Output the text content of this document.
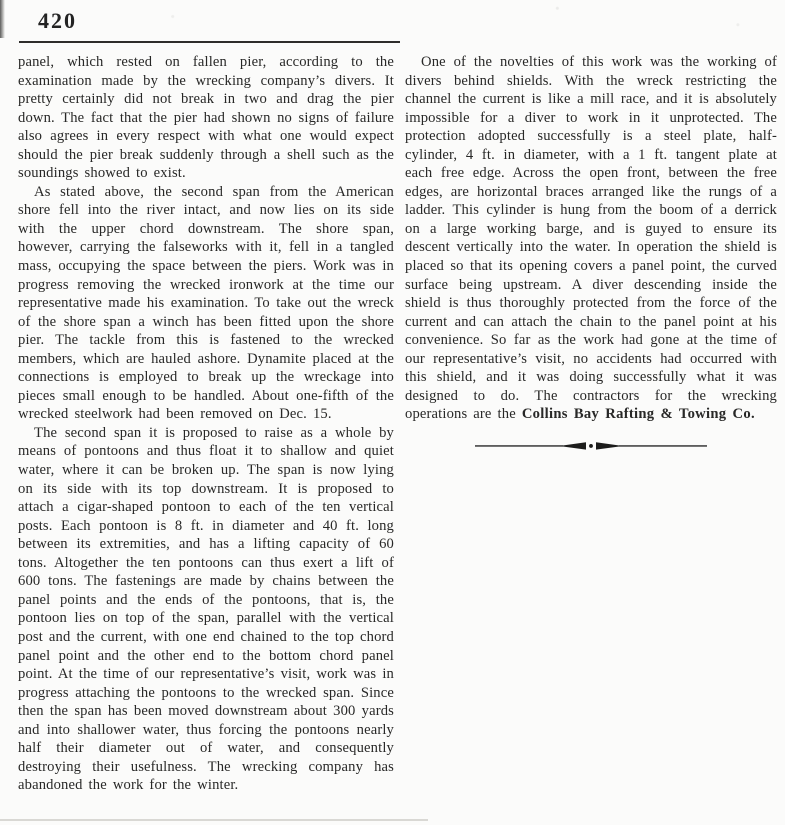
420

panel, which rested on fallen pier, according to the examination made by the wrecking company’s divers. It pretty certainly did not break in two and drag the pier down. The fact that the pier had shown no signs of failure also agrees in every respect with what one would expect should the pier break suddenly through a shell such as the soundings showed to exist.

As stated above, the second span from the American shore fell into the river intact, and now lies on its side with the upper chord downstream. The shore span, however, carrying the falseworks with it, fell in a tangled mass, occupying the space between the piers. Work was in progress removing the wrecked ironwork at the time our representative made his examination. To take out the wreck of the shore span a winch has been fitted upon the shore pier. The tackle from this is fastened to the wrecked members, which are hauled ashore. Dynamite placed at the connections is employed to break up the wreckage into pieces small enough to be handled. About one-fifth of the wrecked steelwork had been removed on Dec. 15.

The second span it is proposed to raise as a whole by means of pontoons and thus float it to shallow and quiet water, where it can be broken up. The span is now lying on its side with its top downstream. It is proposed to attach a cigar-shaped pontoon to each of the ten vertical posts. Each pontoon is 8 ft. in diameter and 40 ft. long between its extremities, and has a lifting capacity of 60 tons. Altogether the ten pontoons can thus exert a lift of 600 tons. The fastenings are made by chains between the panel points and the ends of the pontoons, that is, the pontoon lies on top of the span, parallel with the vertical post and the current, with one end chained to the top chord panel point and the other end to the bottom chord panel point. At the time of our representative’s visit, work was in progress attaching the pontoons to the wrecked span. Since then the span has been moved downstream about 300 yards and into shallower water, thus forcing the pontoons nearly half their diameter out of water, and consequently destroying their usefulness. The wrecking company has abandoned the work for the winter.

One of the novelties of this work was the working of divers behind shields. With the wreck restricting the channel the current is like a mill race, and it is absolutely impossible for a diver to work in it unprotected. The protection adopted successfully is a steel plate, half-cylinder, 4 ft. in diameter, with a 1 ft. tangent plate at each free edge. Across the open front, between the free edges, are horizontal braces arranged like the rungs of a ladder. This cylinder is hung from the boom of a derrick on a large working barge, and is guyed to ensure its descent vertically into the water. In operation the shield is placed so that its opening covers a panel point, the curved surface being upstream. A diver descending inside the shield is thus thoroughly protected from the force of the current and can attach the chain to the panel point at his convenience. So far as the work had gone at the time of our representative’s visit, no accidents had occurred with this shield, and it was doing successfully what it was designed to do. The contractors for the wrecking operations are the Collins Bay Rafting & Towing Co.
